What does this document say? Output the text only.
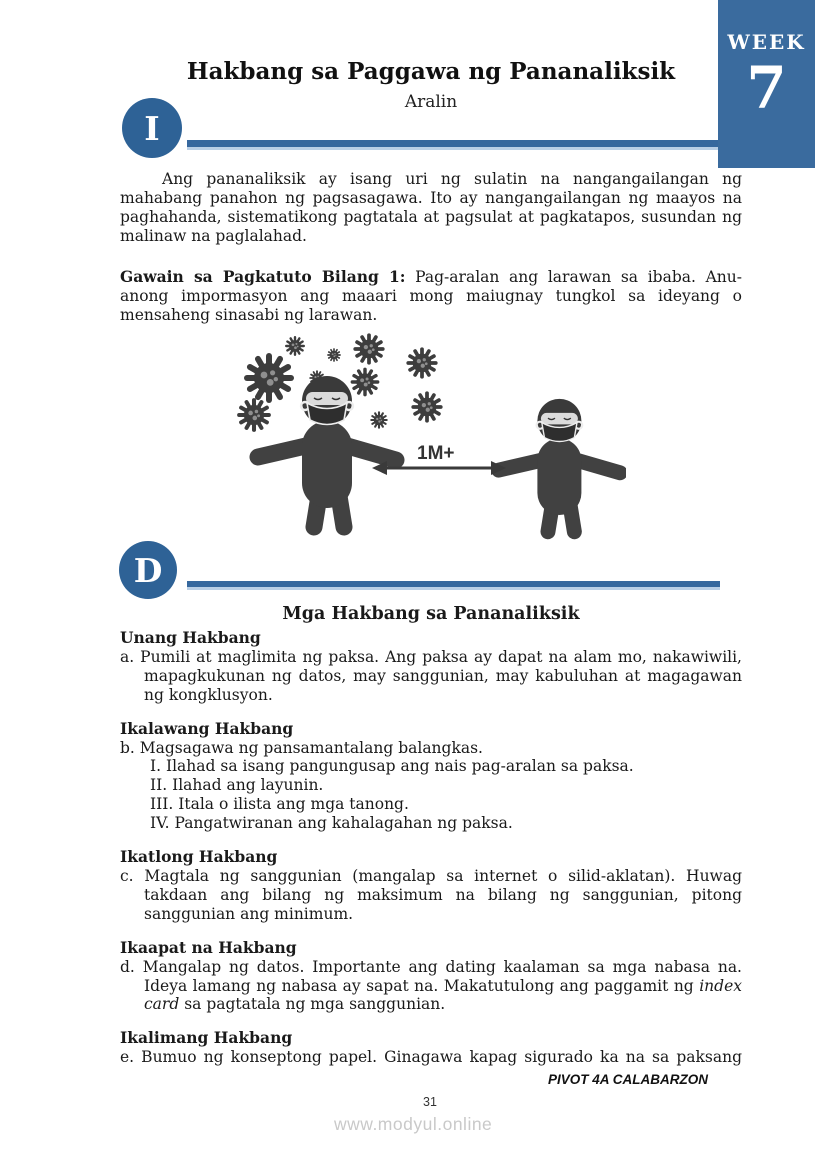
WEEK
7
Hakbang sa Paggawa ng Pananaliksik
Aralin
I

Ang pananaliksik ay isang uri ng sulatin na nangangailangan ng mahabang panahon ng pagsasagawa. Ito ay nangangailangan ng maayos na paghahanda, sistematikong pagtatala at pagsulat at pagkatapos, susundan ng malinaw na paglalahad.

Gawain sa Pagkatuto Bilang 1: Pag-aralan ang larawan sa ibaba. Anu-anong impormasyon ang maaari mong maiugnay tungkol sa ideyang o mensaheng sinasabi ng larawan.

1M+
D
Mga Hakbang sa Pananaliksik
Unang Hakbang

a. Pumili at maglimita ng paksa. Ang paksa ay dapat na alam mo, nakawiwili, mapagkukunan ng datos, may sanggunian, may kabuluhan at magagawan ng kongklusyon.

Ikalawang Hakbang

b. Magsagawa ng pansamantalang balangkas.

I. Ilahad sa isang pangungusap ang nais pag-aralan sa paksa.
II. Ilahad ang layunin.
III. Itala o ilista ang mga tanong.
IV. Pangatwiranan ang kahalagahan ng paksa.
Ikatlong Hakbang

c. Magtala ng sanggunian (mangalap sa internet o silid-aklatan). Huwag takdaan ang bilang ng maksimum na bilang ng sanggunian, pitong sanggunian ang minimum.

Ikaapat na Hakbang

d. Mangalap ng datos. Importante ang dating kaalaman sa mga nabasa na. Ideya lamang ng nabasa ay sapat na. Makatutulong ang paggamit ng index card sa pagtatala ng mga sanggunian.

Ikalimang Hakbang

e. Bumuo ng konseptong papel. Ginagawa kapag sigurado ka na sa paksang

PIVOT 4A CALABARZON
31
www.modyul.online
